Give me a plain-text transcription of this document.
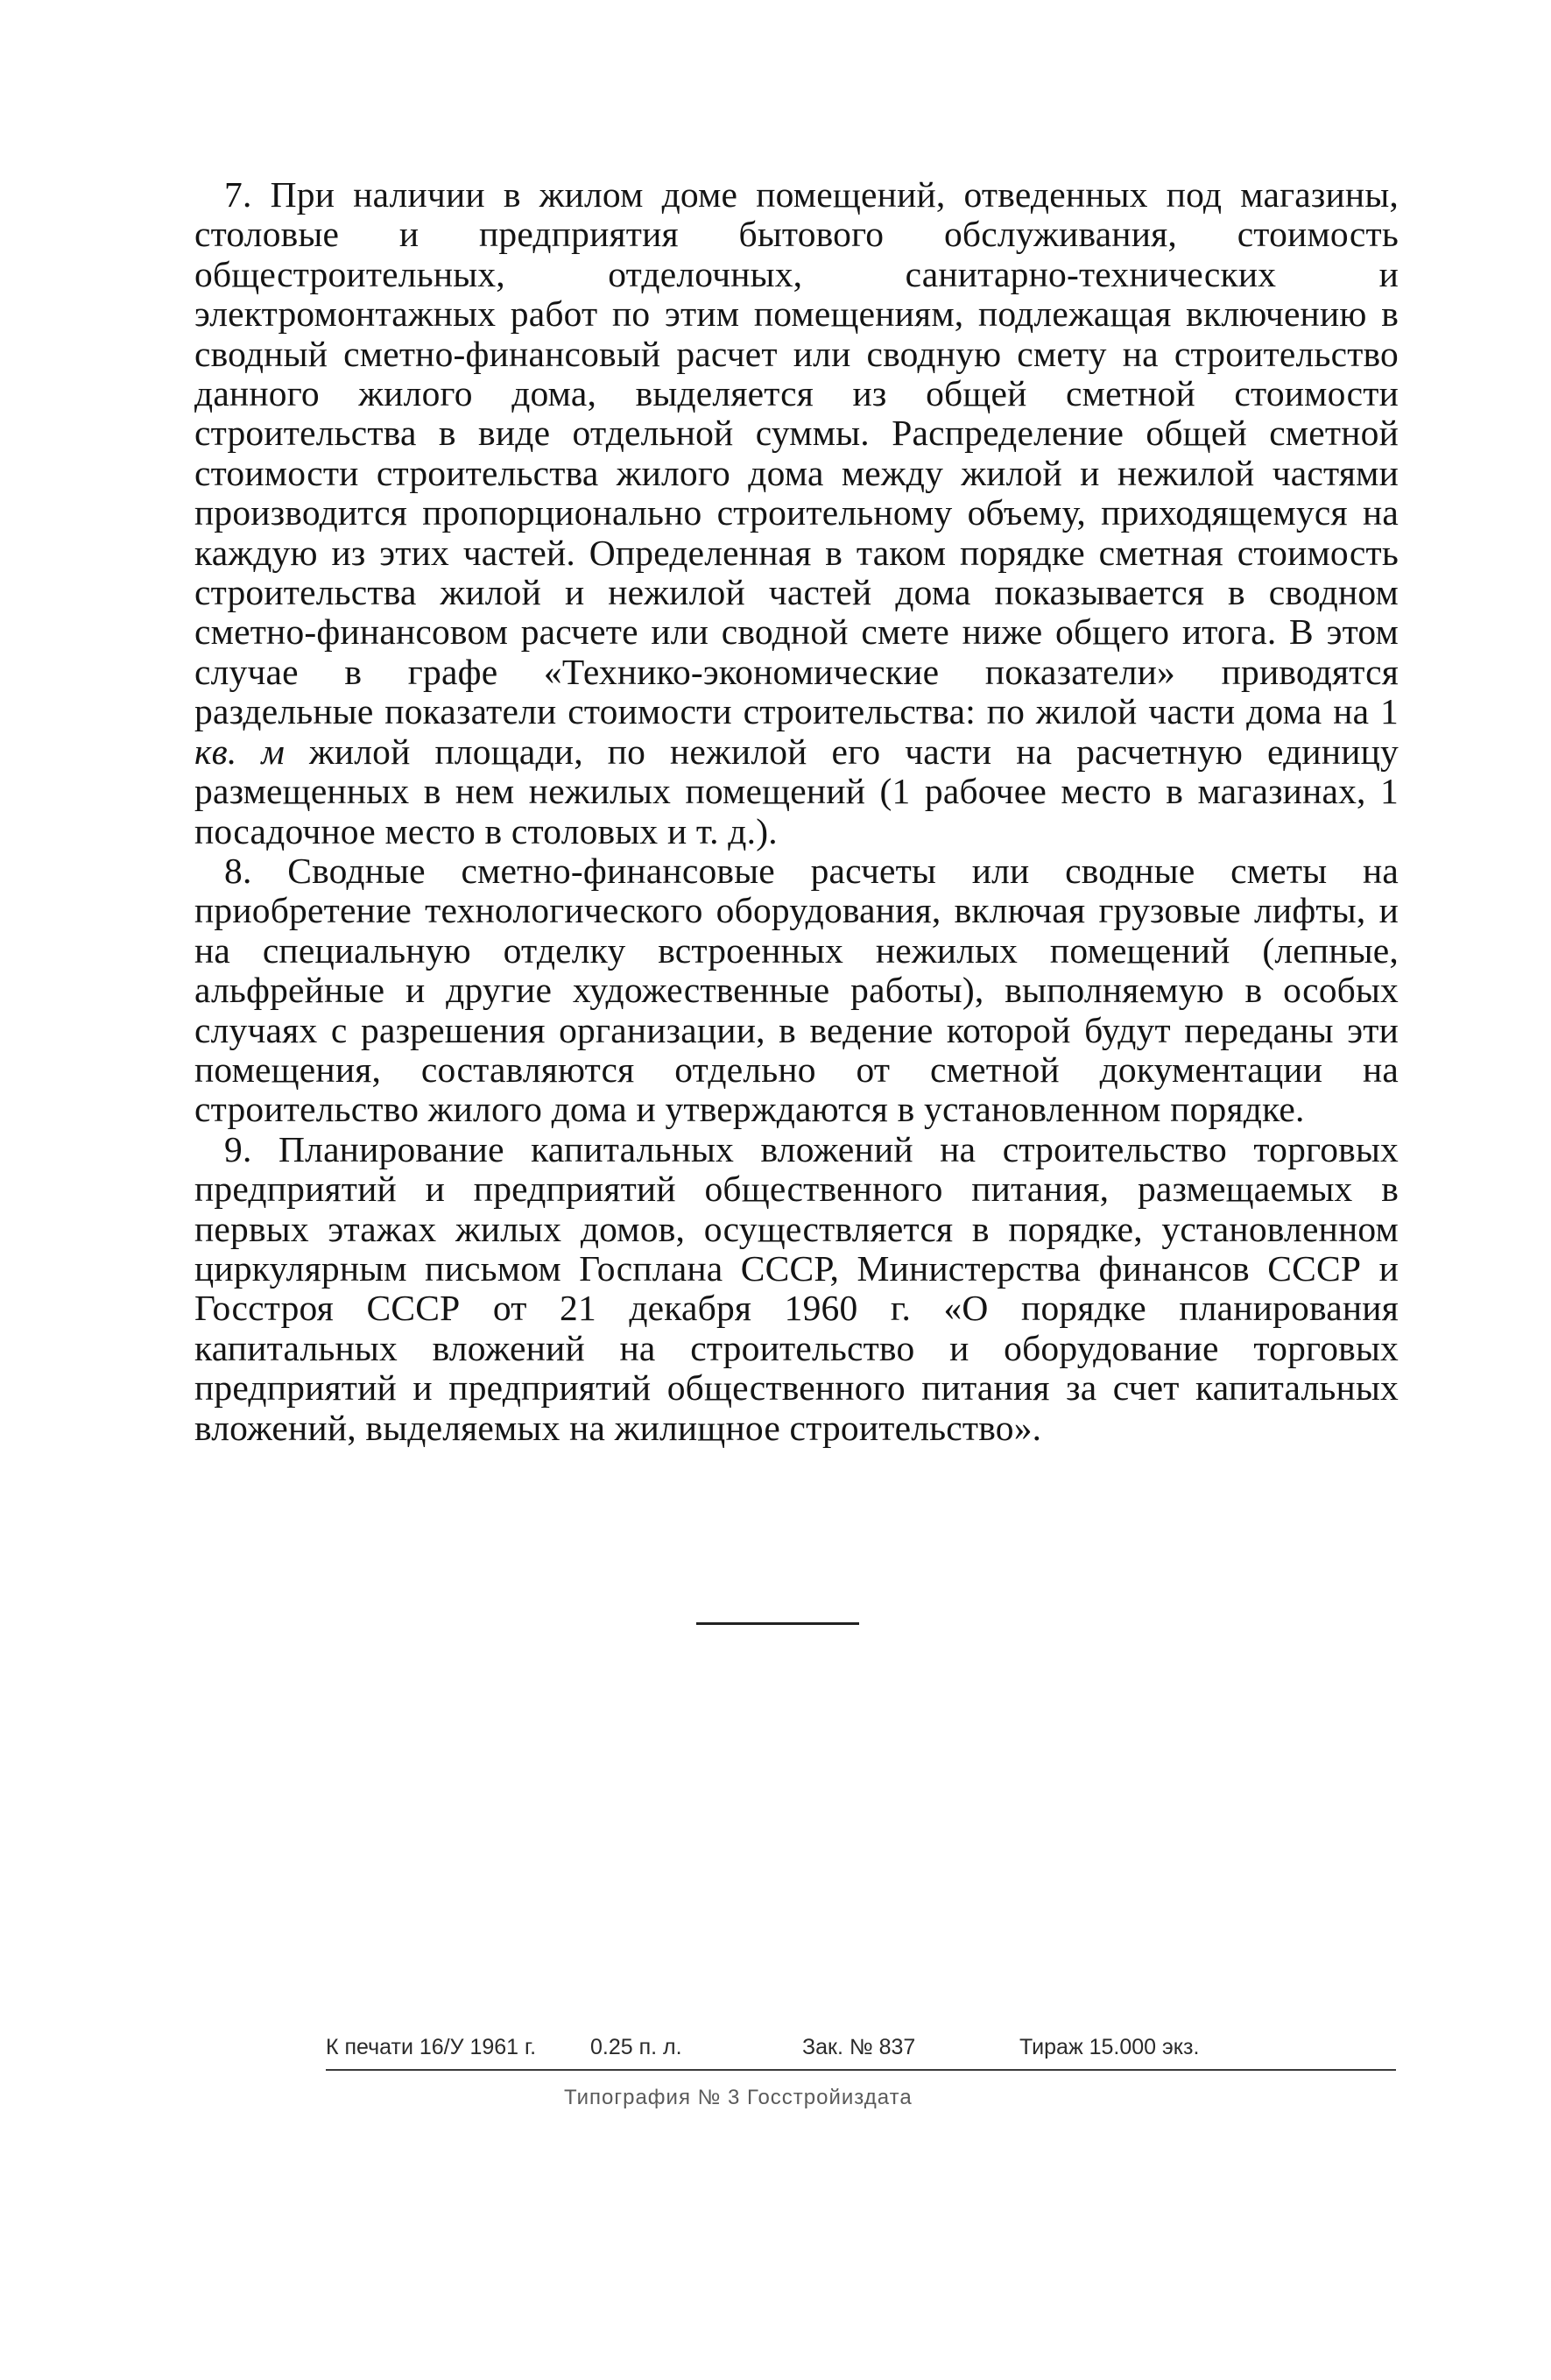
7. При наличии в жилом доме помещений, отведенных под магазины, столовые и предприятия бытового обслуживания, стоимость общестроительных, отделочных, санитарно-технических и электромонтажных работ по этим помещениям, подлежащая включению в сводный сметно-финансовый расчет или сводную смету на строительство данного жилого дома, выделяется из общей сметной стоимости строительства в виде отдельной суммы. Распределение общей сметной стоимости строительства жилого дома между жилой и нежилой частями производится пропорционально строительному объему, приходящемуся на каждую из этих частей. Определенная в таком порядке сметная стоимость строительства жилой и нежилой частей дома показывается в сводном сметно-финансовом расчете или сводной смете ниже общего итога. В этом случае в графе «Технико-экономические показатели» приводятся раздельные показатели стоимости строительства: по жилой части дома на 1 кв. м жилой площади, по нежилой его части на расчетную единицу размещенных в нем нежилых помещений (1 рабочее место в магазинах, 1 посадочное место в столовых и т. д.).

8. Сводные сметно-финансовые расчеты или сводные сметы на приобретение технологического оборудования, включая грузовые лифты, и на специальную отделку встроенных нежилых помещений (лепные, альфрейные и другие художественные работы), выполняемую в особых случаях с разрешения организации, в ведение которой будут переданы эти помещения, составляются отдельно от сметной документации на строительство жилого дома и утверждаются в установленном порядке.

9. Планирование капитальных вложений на строительство торговых предприятий и предприятий общественного питания, размещаемых в первых этажах жилых домов, осуществляется в порядке, установленном циркулярным письмом Госплана СССР, Министерства финансов СССР и Госстроя СССР от 21 декабря 1960 г. «О порядке планирования капитальных вложений на строительство и оборудование торговых предприятий и предприятий общественного питания за счет капитальных вложений, выделяемых на жилищное строительство».

К печати 16/У 1961 г. 0.25 п. л.	Зак. № 837	Тираж 15.000 экз.
Типография № 3 Госстройиздата
